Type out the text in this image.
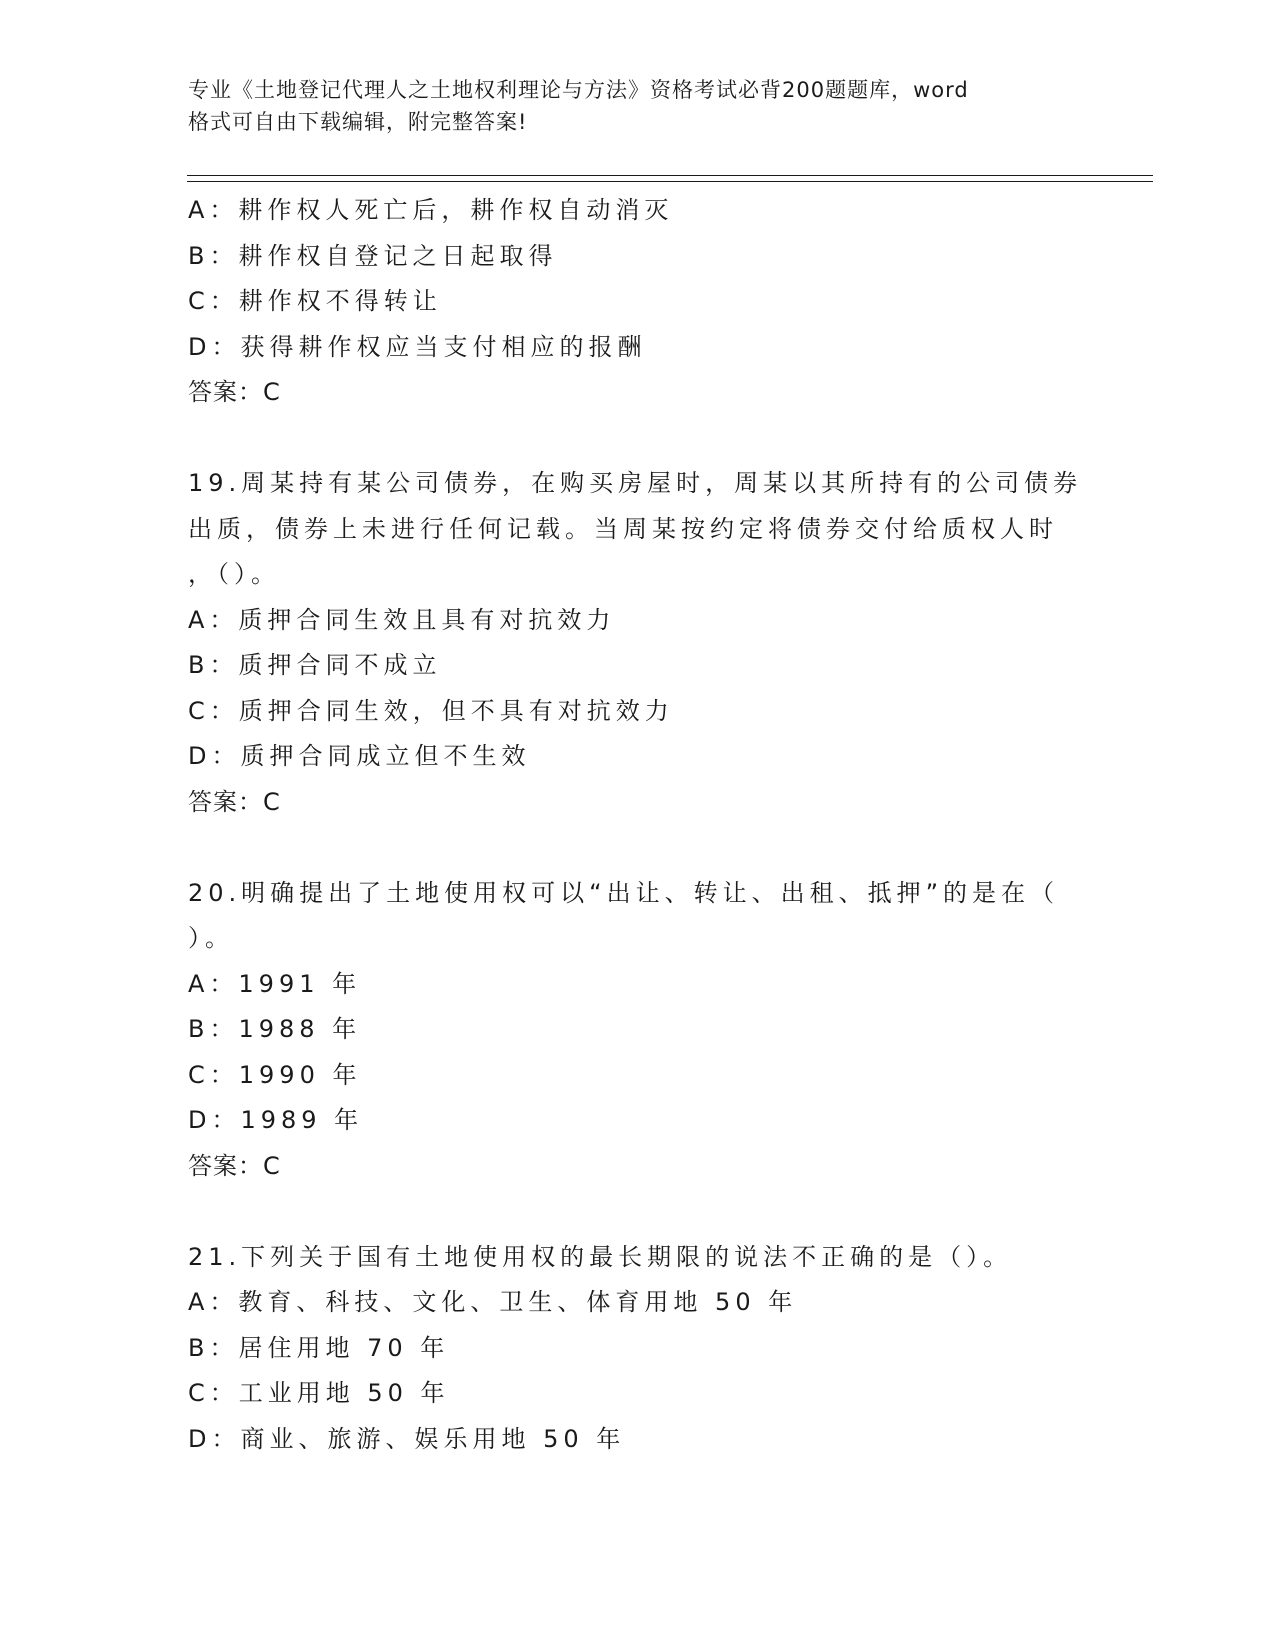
专业《土地登记代理人之土地权利理论与方法》资格考试必背200题题库，word
格式可自由下载编辑，附完整答案!
A：耕作权人死亡后，耕作权自动消灭
B：耕作权自登记之日起取得
C：耕作权不得转让
D：获得耕作权应当支付相应的报酬
答案：C
19.周某持有某公司债券，在购买房屋时，周某以其所持有的公司债券
出质，债券上未进行任何记载。当周某按约定将债券交付给质权人时
，（）。
A：质押合同生效且具有对抗效力
B：质押合同不成立
C：质押合同生效，但不具有对抗效力
D：质押合同成立但不生效
答案：C
20.明确提出了土地使用权可以“出让、转让、出租、抵押”的是在（
）。
A：1991 年
B：1988 年
C：1990 年
D：1989 年
答案：C
21.下列关于国有土地使用权的最长期限的说法不正确的是（）。
A：教育、科技、文化、卫生、体育用地 50 年
B：居住用地 70 年
C：工业用地 50 年
D：商业、旅游、娱乐用地 50 年
